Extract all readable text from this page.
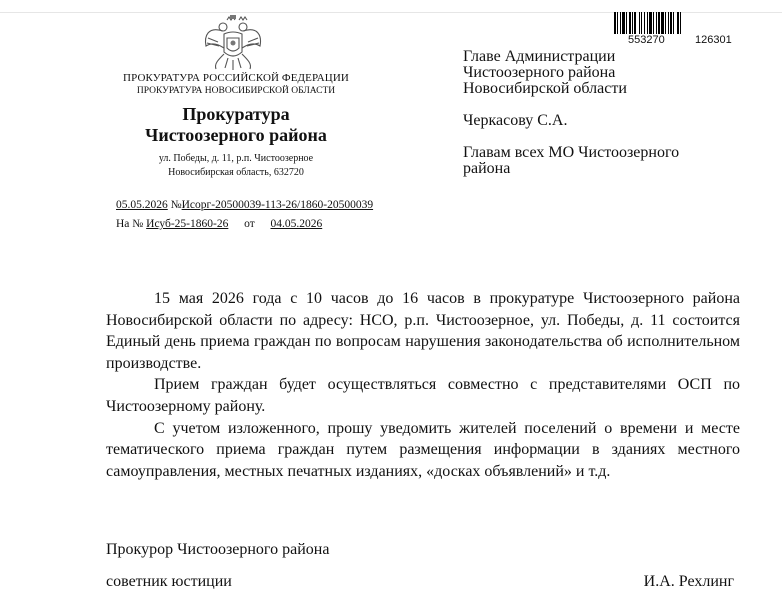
ПРОКУРАТУРА РОССИЙСКОЙ ФЕДЕРАЦИИ
ПРОКУРАТУРА НОВОСИБИРСКОЙ ОБЛАСТИ
Прокуратура
Чистоозерного района
ул. Победы, д. 11, р.п. Чистоозерное
Новосибирская область, 632720
05.05.2026 №Исорг-20500039-113-26/1860-20500039
На № Исуб-25-1860-26 от 04.05.2026
553270	126301
Главе Администрации
Чистоозерного района
Новосибирской области
Черкасову С.А.
Главам всех МО Чистоозерного
района

15 мая 2026 года с 10 часов до 16 часов в прокуратуре Чистоозерного района Новосибирской области по адресу: НСО, р.п. Чистоозерное, ул. Победы, д. 11 состоится Единый день приема граждан по вопросам нарушения законодательства об исполнительном производстве.

Прием граждан будет осуществляться совместно с представителями ОСП по Чистоозерному району.

С учетом изложенного, прошу уведомить жителей поселений о времени и месте тематического приема граждан путем размещения информации в зданиях местного самоуправления, местных печатных изданиях, «досках объявлений» и т.д.

Прокурор Чистоозерного района
советник юстиции	И.А. Рехлинг
